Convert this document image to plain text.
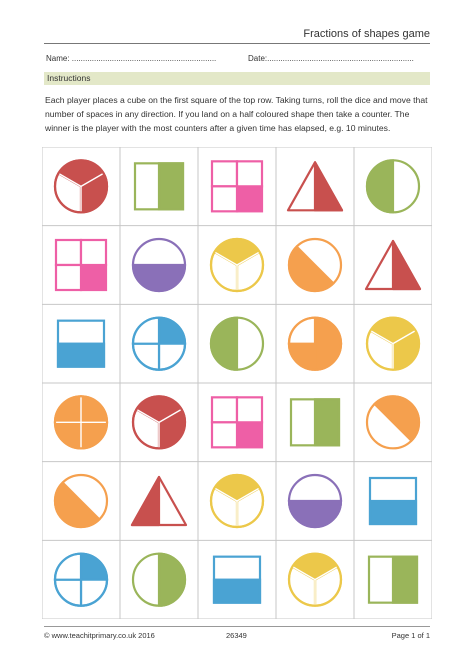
Fractions of shapes game
Name: .................................................................	Date:..................................................................
Instructions
Each player places a cube on the first square of the top row. Taking turns, roll the dice and move that number of spaces in any direction. If you land on a half coloured shape then take a counter. The winner is the player with the most counters after a given time has elapsed, e.g. 10 minutes.
© www.teachitprimary.co.uk 2016	26349	Page 1 of 1
